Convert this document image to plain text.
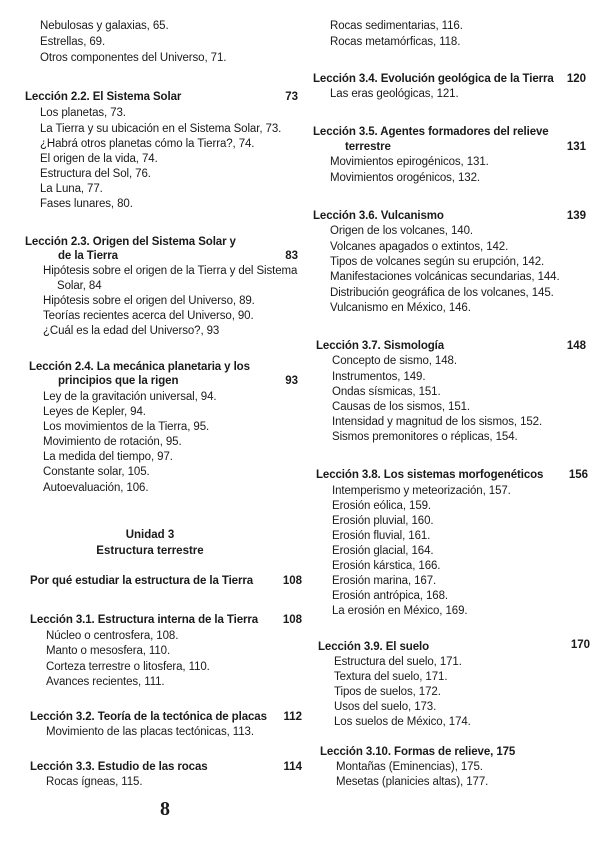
Nebulosas y galaxias, 65.
Estrellas, 69.
Otros componentes del Universo, 71.
Lección 2.2. El Sistema Solar	73
Los planetas, 73.
La Tierra y su ubicación en el Sistema Solar, 73.
¿Habrá otros planetas cómo la Tierra?, 74.
El origen de la vida, 74.
Estructura del Sol, 76.
La Luna, 77.
Fases lunares, 80.
Lección 2.3. Origen del Sistema Solar y
de la Tierra	83
Hipótesis sobre el origen de la Tierra y del Sistema
Solar, 84
Hipótesis sobre el origen del Universo, 89.
Teorías recientes acerca del Universo, 90.
¿Cuál es la edad del Universo?, 93
Lección 2.4. La mecánica planetaria y los
principios que la rigen	93
Ley de la gravitación universal, 94.
Leyes de Kepler, 94.
Los movimientos de la Tierra, 95.
Movimiento de rotación, 95.
La medida del tiempo, 97.
Constante solar, 105.
Autoevaluación, 106.
Unidad 3
Estructura terrestre
Por qué estudiar la estructura de la Tierra	108
Lección 3.1. Estructura interna de la Tierra	108
Núcleo o centrosfera, 108.
Manto o mesosfera, 110.
Corteza terrestre o litosfera, 110.
Avances recientes, 111.
Lección 3.2. Teoría de la tectónica de placas	112
Movimiento de las placas tectónicas, 113.
Lección 3.3. Estudio de las rocas	114
Rocas ígneas, 115.
Rocas sedimentarias, 116.
Rocas metamórficas, 118.
Lección 3.4. Evolución geológica de la Tierra	120
Las eras geológicas, 121.
Lección 3.5. Agentes formadores del relieve
terrestre	131
Movimientos epirogénicos, 131.
Movimientos orogénicos, 132.
Lección 3.6. Vulcanismo	139
Origen de los volcanes, 140.
Volcanes apagados o extintos, 142.
Tipos de volcanes según su erupción, 142.
Manifestaciones volcánicas secundarias, 144.
Distribución geográfica de los volcanes, 145.
Vulcanismo en México, 146.
Lección 3.7. Sismología	148
Concepto de sismo, 148.
Instrumentos, 149.
Ondas sísmicas, 151.
Causas de los sismos, 151.
Intensidad y magnitud de los sismos, 152.
Sismos premonitores o réplicas, 154.
Lección 3.8. Los sistemas morfogenéticos	156
Intemperismo y meteorización, 157.
Erosión eólica, 159.
Erosión pluvial, 160.
Erosión fluvial, 161.
Erosión glacial, 164.
Erosión kárstica, 166.
Erosión marina, 167.
Erosión antrópica, 168.
La erosión en México, 169.
Lección 3.9. El suelo	170
Estructura del suelo, 171.
Textura del suelo, 171.
Tipos de suelos, 172.
Usos del suelo, 173.
Los suelos de México, 174.
Lección 3.10. Formas de relieve, 175
Montañas (Eminencias), 175.
Mesetas (planicies altas), 177.
8
